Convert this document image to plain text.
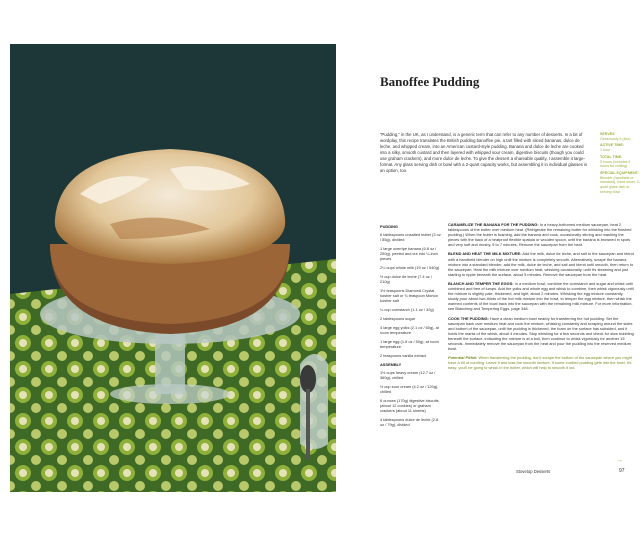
Banoffee Pudding

“Pudding,” in the UK, as I understand, is a generic term that can refer to any number of desserts. In a bit of wordplay, this recipe translates the British pudding banoffee pie, a tart filled with sliced bananas, dulce de leche, and whipped cream, into an American custard-style pudding. Banana and dulce de leche are cooked into a silky, smooth custard and then layered with whipped sour cream, digestive biscuits (though you could use graham crackers), and more dulce de leche. To give the dessert a shareable quality, I assemble it large-format. Any glass serving dish or bowl with a 2-quart capacity works, but assembling it in individual glasses is an option, too.

SERVES
Generously 6 (8oz)
ACTIVE TIME:
1 hour
TOTAL TIME:
5 hours (includes 4 hours for chilling)
SPECIAL EQUIPMENT:
Blender (handheld or standard), hand mixer, 2-quart glass dish or serving bowl
PUDDING
6 tablespoons unsalted butter (3 oz / 85g), divided
1 large overripe banana (6.8 oz / 250g), peeled and cut into ¼-inch pieces
2¼ cups whole milk (19 oz / 540g)
½ cup dulce de leche (7.4 oz / 210g)
1½ teaspoons Diamond Crystal kosher salt or ¾ teaspoon Morton kosher salt
¼ cup cornstarch (1.1 oz / 32g)
2 tablespoons sugar
4 large egg yolks (2.1 oz / 60g), at room temperature
1 large egg (1.8 oz / 50g), at room temperature
2 teaspoons vanilla extract
ASSEMBLY
1½ cups heavy cream (12.7 oz / 360g), chilled
½ cup sour cream (4.2 oz / 120g), chilled
6 ounces (170g) digestive biscuits (about 12 cookies) or graham crackers (about 11 sheets)
4 tablespoons dulce de leche (2.8 oz / 79g), divided

CARAMELIZE THE BANANA FOR THE PUDDING: In a heavy-bottomed medium saucepan, heat 2 tablespoons of the butter over medium heat. (Refrigerate the remaining butter for whisking into the finished pudding.) When the butter is foaming, add the banana and cook, occasionally stirring and mashing the pieces with the back of a heatproof flexible spatula or wooden spoon, until the banana is browned in spots and very soft and mushy, 5 to 7 minutes. Remove the saucepan from the heat.

BLEND AND HEAT THE MILK MIXTURE: Add the milk, dulce de leche, and salt to the saucepan and blend with a handheld blender on high until the mixture is completely smooth. Alternatively, scrape the banana mixture into a standard blender, add the milk, dulce de leche, and salt and blend until smooth, then return to the saucepan. Heat the milk mixture over medium heat, whisking occasionally, until it's steaming and just starting to ripple beneath the surface, about 5 minutes. Remove the saucepan from the heat.

BLANCH AND TEMPER THE EGGS: In a medium bowl, combine the cornstarch and sugar and whisk until combined and free of lumps. Add the yolks and whole egg and whisk to combine, then whisk vigorously until the mixture is slightly pale, thickened, and light, about 2 minutes. Whisking the egg mixture constantly, slowly pour about two-thirds of the hot milk mixture into the bowl, to temper the egg mixture, then whisk the warmed contents of the bowl back into the saucepan with the remaining milk mixture. For more information, see Blanching and Tempering Eggs, page 348.

COOK THE PUDDING: Have a clean medium bowl nearby for transferring the hot pudding. Set the saucepan back over medium heat and cook the mixture, whisking constantly and scraping around the sides and bottom of the saucepan, until the pudding is thickened, the foam on the surface has subsided, and it holds the marks of the whisk, about 4 minutes. Stop whisking for a few seconds and check for slow bubbling beneath the surface, indicating the mixture is at a boil, then continue to whisk vigorously for another 15 seconds. Immediately remove the saucepan from the heat and pour the pudding into the reserved medium bowl.

Potential Pitfall: When transferring the pudding, don't scrape the bottom of the saucepan where you might have a bit of curdling. Leave it and toss the smooth mixture. If some curdled pudding gets into the bowl, it's easy: you'll be going to whisk in the butter, which will help to smooth it out.

→
Stovetop Desserts	97
